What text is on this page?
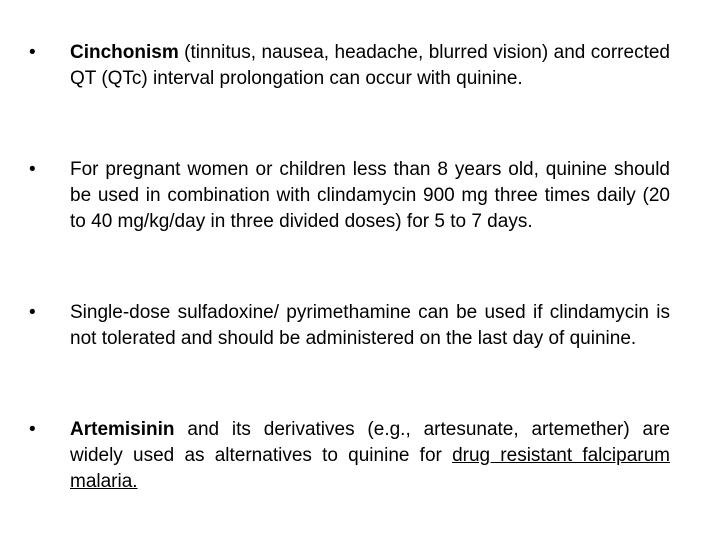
• Cinchonism (tinnitus, nausea, headache, blurred vision) and corrected QT (QTc) interval prolongation can occur with quinine.
• For pregnant women or children less than 8 years old, quinine should be used in combination with clindamycin 900 mg three times daily (20 to 40 mg/kg/day in three divided doses) for 5 to 7 days.
• Single-dose sulfadoxine/ pyrimethamine can be used if clindamycin is not tolerated and should be administered on the last day of quinine.
• Artemisinin and its derivatives (e.g., artesunate, artemether) are widely used as alternatives to quinine for drug resistant falciparum malaria.
